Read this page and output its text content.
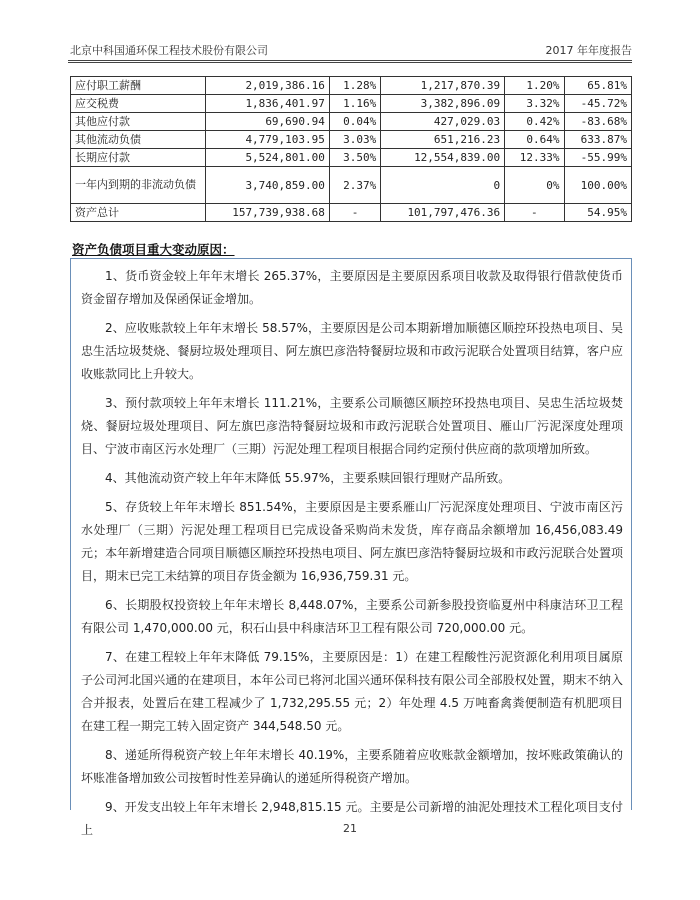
北京中科国通环保工程技术股份有限公司	2017 年年度报告
应付职工薪酬	2,019,386.16	1.28%	1,217,870.39	1.20%	65.81%
应交税费	1,836,401.97	1.16%	3,382,896.09	3.32%	-45.72%
其他应付款	69,690.94	0.04%	427,029.03	0.42%	-83.68%
其他流动负债	4,779,103.95	3.03%	651,216.23	0.64%	633.87%
长期应付款	5,524,801.00	3.50%	12,554,839.00	12.33%	-55.99%
一年内到期的非流动负债	3,740,859.00	2.37%	0	0%	100.00%
资产总计	157,739,938.68	-	101,797,476.36	-	54.95%
资产负债项目重大变动原因：

1、货币资金较上年年末增长 265.37%，主要原因是主要原因系项目收款及取得银行借款使货币资金留存增加及保函保证金增加。

2、应收账款较上年年末增长 58.57%，主要原因是公司本期新增加顺德区顺控环投热电项目、吴忠生活垃圾焚烧、餐厨垃圾处理项目、阿左旗巴彦浩特餐厨垃圾和市政污泥联合处置项目结算，客户应收账款同比上升较大。

3、预付款项较上年年末增长 111.21%，主要系公司顺德区顺控环投热电项目、吴忠生活垃圾焚烧、餐厨垃圾处理项目、阿左旗巴彦浩特餐厨垃圾和市政污泥联合处置项目、雁山厂污泥深度处理项目、宁波市南区污水处理厂（三期）污泥处理工程项目根据合同约定预付供应商的款项增加所致。

4、其他流动资产较上年年末降低 55.97%，主要系赎回银行理财产品所致。

5、存货较上年年末增长 851.54%，主要原因是主要系雁山厂污泥深度处理项目、宁波市南区污水处理厂（三期）污泥处理工程项目已完成设备采购尚未发货，库存商品余额增加 16,456,083.49 元；本年新增建造合同项目顺德区顺控环投热电项目、阿左旗巴彦浩特餐厨垃圾和市政污泥联合处置项目，期末已完工未结算的项目存货金额为 16,936,759.31 元。

6、长期股权投资较上年年末增长 8,448.07%，主要系公司新参股投资临夏州中科康洁环卫工程有限公司 1,470,000.00 元，积石山县中科康洁环卫工程有限公司 720,000.00 元。

7、在建工程较上年年末降低 79.15%，主要原因是：1）在建工程酸性污泥资源化利用项目属原子公司河北国兴通的在建项目，本年公司已将河北国兴通环保科技有限公司全部股权处置，期末不纳入合并报表，处置后在建工程减少了 1,732,295.55 元；2）年处理 4.5 万吨畜禽粪便制造有机肥项目在建工程一期完工转入固定资产 344,548.50 元。

8、递延所得税资产较上年年末增长 40.19%，主要系随着应收账款金额增加，按坏账政策确认的坏账准备增加致公司按暂时性差异确认的递延所得税资产增加。

9、开发支出较上年年末增长 2,948,815.15 元。主要是公司新增的油泥处理技术工程化项目支付上	21
